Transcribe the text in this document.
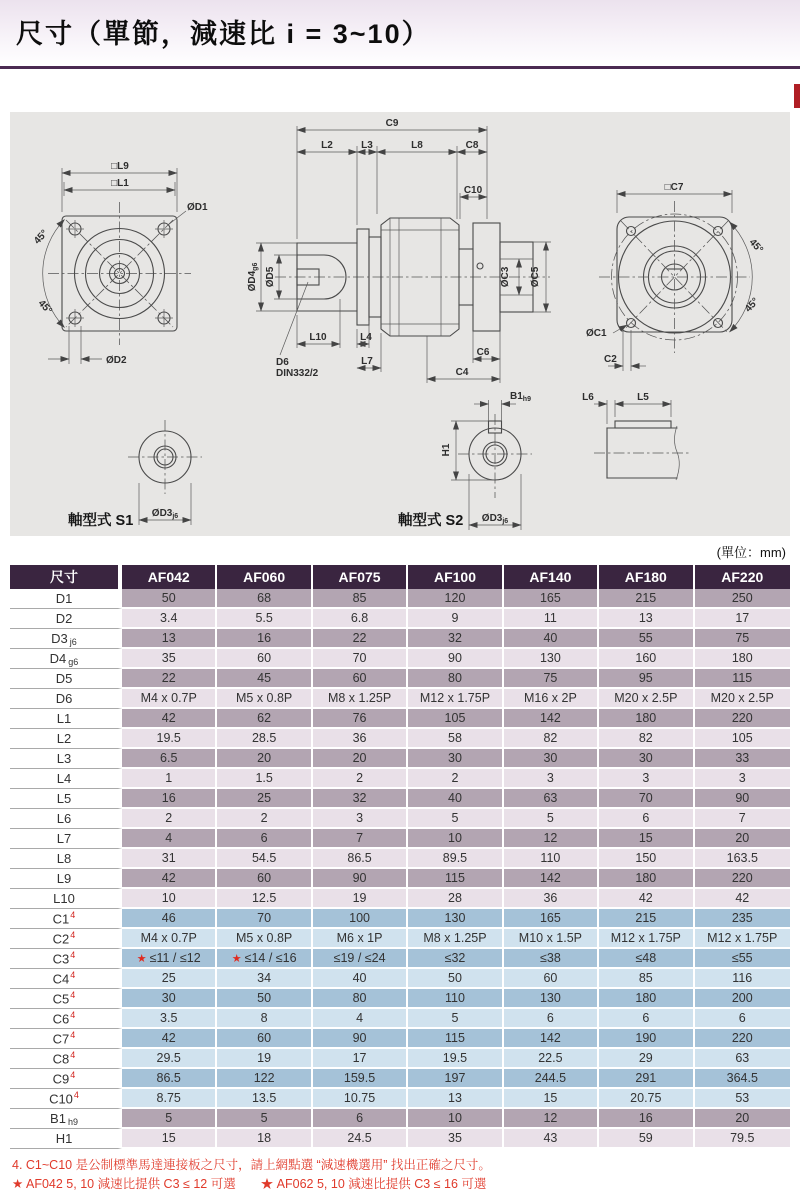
尺寸（單節，減速比 i = 3~10）
□L9
□L1
ØD1
45°
45°
ØD2
C9
L2	L3	L8	C8
C10
$ØD4_{g6}$ ØD5	ØC3 ØC5
L10	L4
L7
C6
C4
D6
DIN332/2
□C7
45°
45°
ØC1
C2
$ØD3_{j6}$
軸型式 S1
$B1_{h9}$
H1
$ØD3_{j6}$
軸型式 S2
L6	L5
(單位：mm)
尺寸	AF042	AF060	AF075	AF100	AF140	AF180	AF220
D1	50	68	85	120	165	215	250
D2	3.4	5.5	6.8	9	11	13	17
D3 j6	13	16	22	32	40	55	75
D4 g6	35	60	70	90	130	160	180
D5	22	45	60	80	75	95	115
D6	M4 x 0.7P	M5 x 0.8P	M8 x 1.25P	M12 x 1.75P	M16 x 2P	M20 x 2.5P	M20 x 2.5P
L1	42	62	76	105	142	180	220
L2	19.5	28.5	36	58	82	82	105
L3	6.5	20	20	30	30	30	33
L4	1	1.5	2	2	3	3	3
L5	16	25	32	40	63	70	90
L6	2	2	3	5	5	6	7
L7	4	6	7	10	12	15	20
L8	31	54.5	86.5	89.5	110	150	163.5
L9	42	60	90	115	142	180	220
L10	10	12.5	19	28	36	42	42
$C1^4$	46	70	100	130	165	215	235
$C2^4$	M4 x 0.7P	M5 x 0.8P	M6 x 1P	M8 x 1.25P	M10 x 1.5P	M12 x 1.75P	M12 x 1.75P
$C3^4$	★ ≤11 / ≤12	★ ≤14 / ≤16	≤19 / ≤24	≤32	≤38	≤48	≤55
$C4^4$	25	34	40	50	60	85	116
$C5^4$	30	50	80	110	130	180	200
$C6^4$	3.5	8	4	5	6	6	6
$C7^4$	42	60	90	115	142	190	220
$C8^4$	29.5	19	17	19.5	22.5	29	63
$C9^4$	86.5	122	159.5	197	244.5	291	364.5
$C10^4$	8.75	13.5	10.75	13	15	20.75	53
B1 h9	5	5	6	10	12	16	20
H1	15	18	24.5	35	43	59	79.5
4. C1~C10 是公制標準馬達連接板之尺寸，請上網點選 “減速機選用” 找出正確之尺寸。
★ AF042 5, 10 減速比提供 C3 ≤ 12 可選　　★ AF062 5, 10 減速比提供 C3 ≤ 16 可選
